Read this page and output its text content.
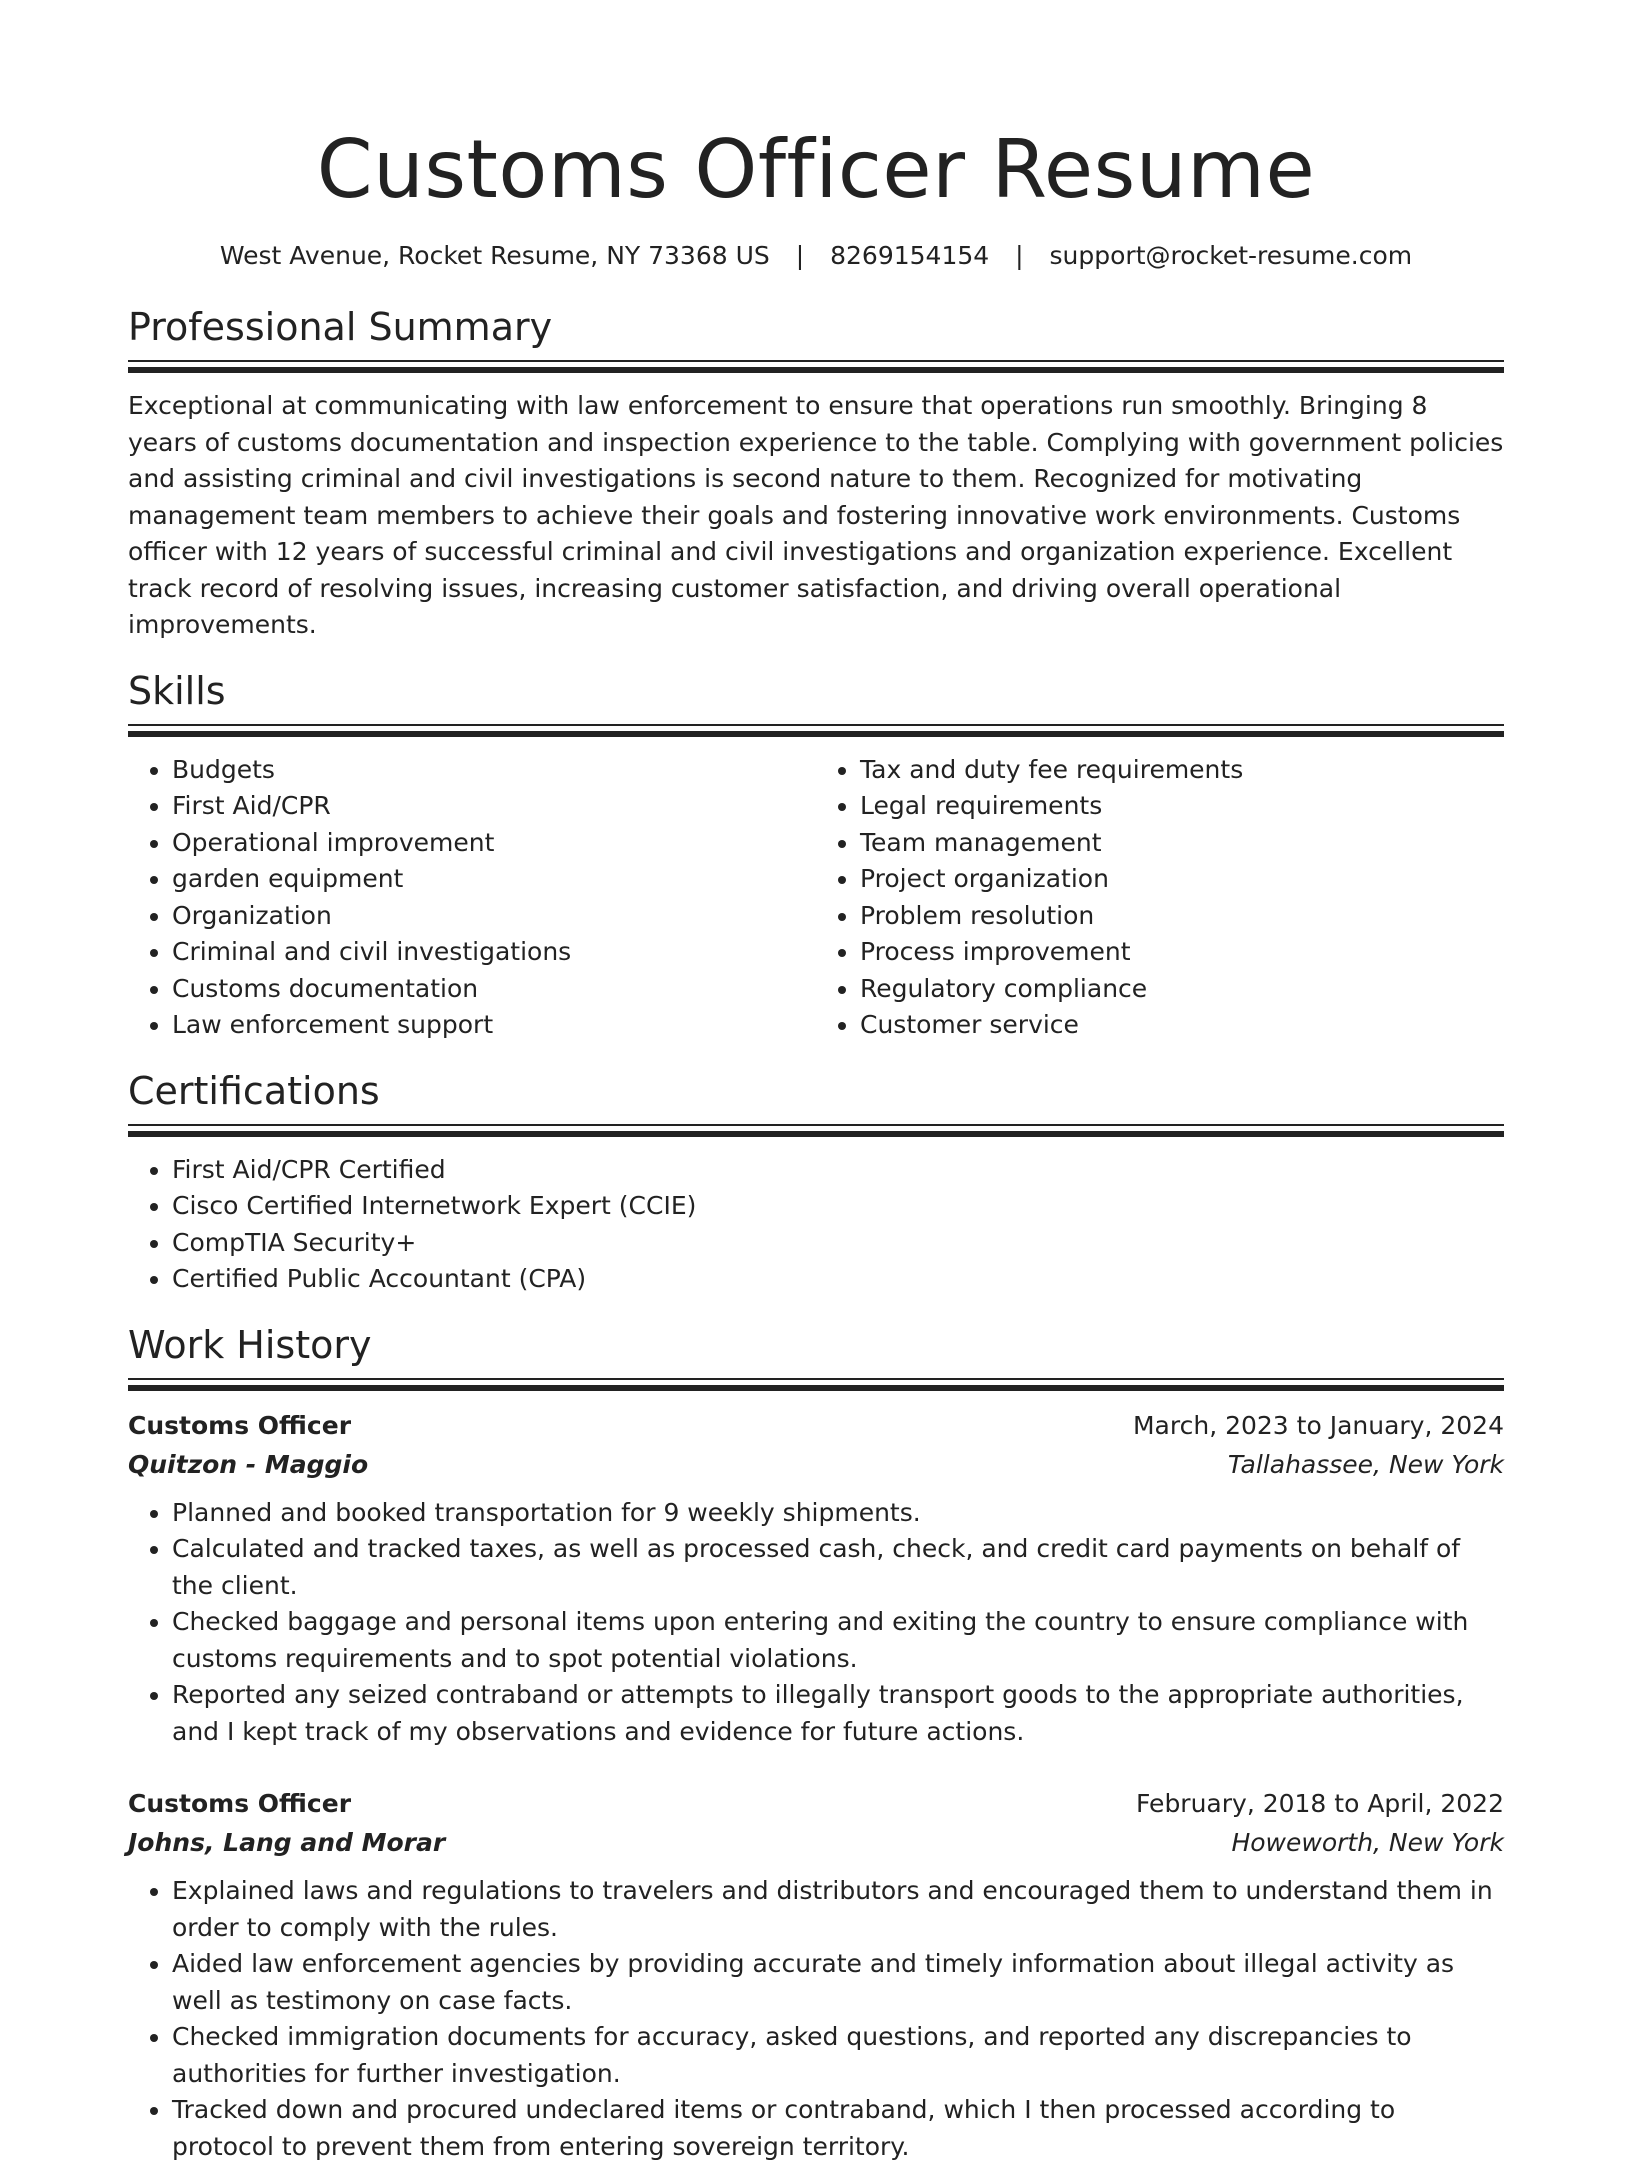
Customs Officer Resume
West Avenue, Rocket Resume, NY 73368 US | 8269154154 | support@rocket-resume.com
Professional Summary

Exceptional at communicating with law enforcement to ensure that operations run smoothly. Bringing 8 years of customs documentation and inspection experience to the table. Complying with government policies and assisting criminal and civil investigations is second nature to them. Recognized for motivating management team members to achieve their goals and fostering innovative work environments. Customs officer with 12 years of successful criminal and civil investigations and organization experience. Excellent track record of resolving issues, increasing customer satisfaction, and driving overall operational improvements.

Skills
• Budgets
• First Aid/CPR
• Operational improvement
• garden equipment
• Organization
• Criminal and civil investigations
• Customs documentation
• Law enforcement support
• Tax and duty fee requirements
• Legal requirements
• Team management
• Project organization
• Problem resolution
• Process improvement
• Regulatory compliance
• Customer service
Certifications
• First Aid/CPR Certified
• Cisco Certified Internetwork Expert (CCIE)
• CompTIA Security+
• Certified Public Accountant (CPA)
Work History
Customs Officer	March, 2023 to January, 2024
Quitzon - Maggio	Tallahassee, New York
• Planned and booked transportation for 9 weekly shipments.
• Calculated and tracked taxes, as well as processed cash, check, and credit card payments on behalf of the client.
• Checked baggage and personal items upon entering and exiting the country to ensure compliance with customs requirements and to spot potential violations.
• Reported any seized contraband or attempts to illegally transport goods to the appropriate authorities, and I kept track of my observations and evidence for future actions.
Customs Officer	February, 2018 to April, 2022
Johns, Lang and Morar	Howeworth, New York
• Explained laws and regulations to travelers and distributors and encouraged them to understand them in order to comply with the rules.
• Aided law enforcement agencies by providing accurate and timely information about illegal activity as well as testimony on case facts.
• Checked immigration documents for accuracy, asked questions, and reported any discrepancies to authorities for further investigation.
• Tracked down and procured undeclared items or contraband, which I then processed according to protocol to prevent them from entering sovereign territory.
